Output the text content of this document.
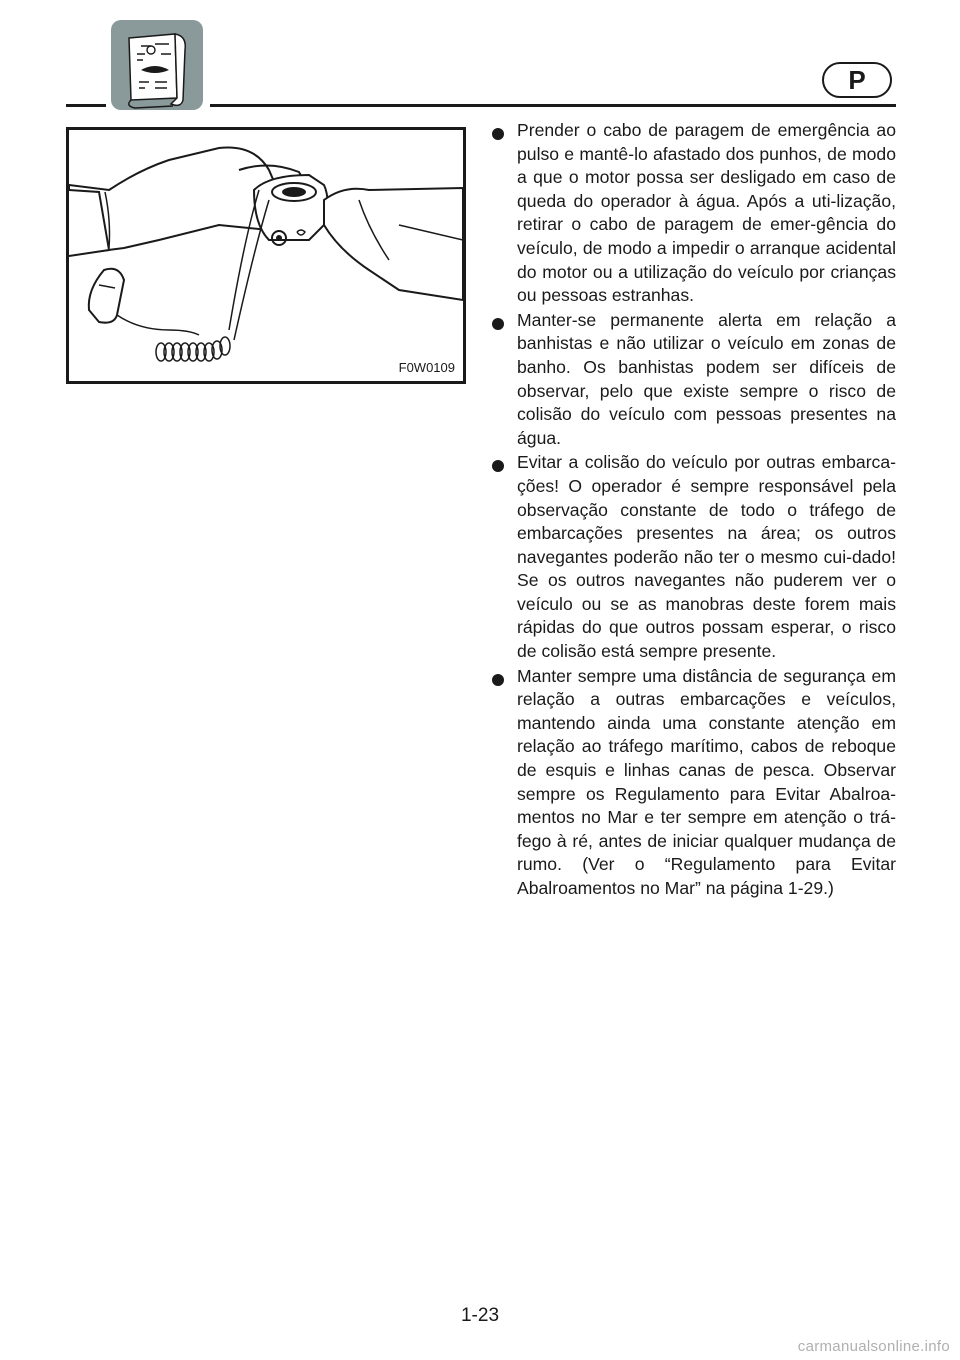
P
F0W0109
Prender o cabo de paragem de emergência ao pulso e mantê-lo afastado dos punhos, de modo a que o motor possa ser desligado em caso de queda do operador à água. Após a uti-lização, retirar o cabo de paragem de emer-gência do veículo, de modo a impedir o arranque acidental do motor ou a utilização do veículo por crianças ou pessoas estranhas.
Manter-se permanente alerta em relação a banhistas e não utilizar o veículo em zonas de banho. Os banhistas podem ser difíceis de observar, pelo que existe sempre o risco de colisão do veículo com pessoas presentes na água.
Evitar a colisão do veículo por outras embarca-ções! O operador é sempre responsável pela observação constante de todo o tráfego de embarcações presentes na área; os outros navegantes poderão não ter o mesmo cui-dado! Se os outros navegantes não puderem ver o veículo ou se as manobras deste forem mais rápidas do que outros possam esperar, o risco de colisão está sempre presente.
Manter sempre uma distância de segurança em relação a outras embarcações e veículos, mantendo ainda uma constante atenção em relação ao tráfego marítimo, cabos de reboque de esquis e linhas canas de pesca. Observar sempre os Regulamento para Evitar Abalroa-mentos no Mar e ter sempre em atenção o trá-fego à ré, antes de iniciar qualquer mudança de rumo. (Ver o “Regulamento para Evitar Abalroamentos no Mar” na página 1-29.)
1-23
carmanualsonline.info
